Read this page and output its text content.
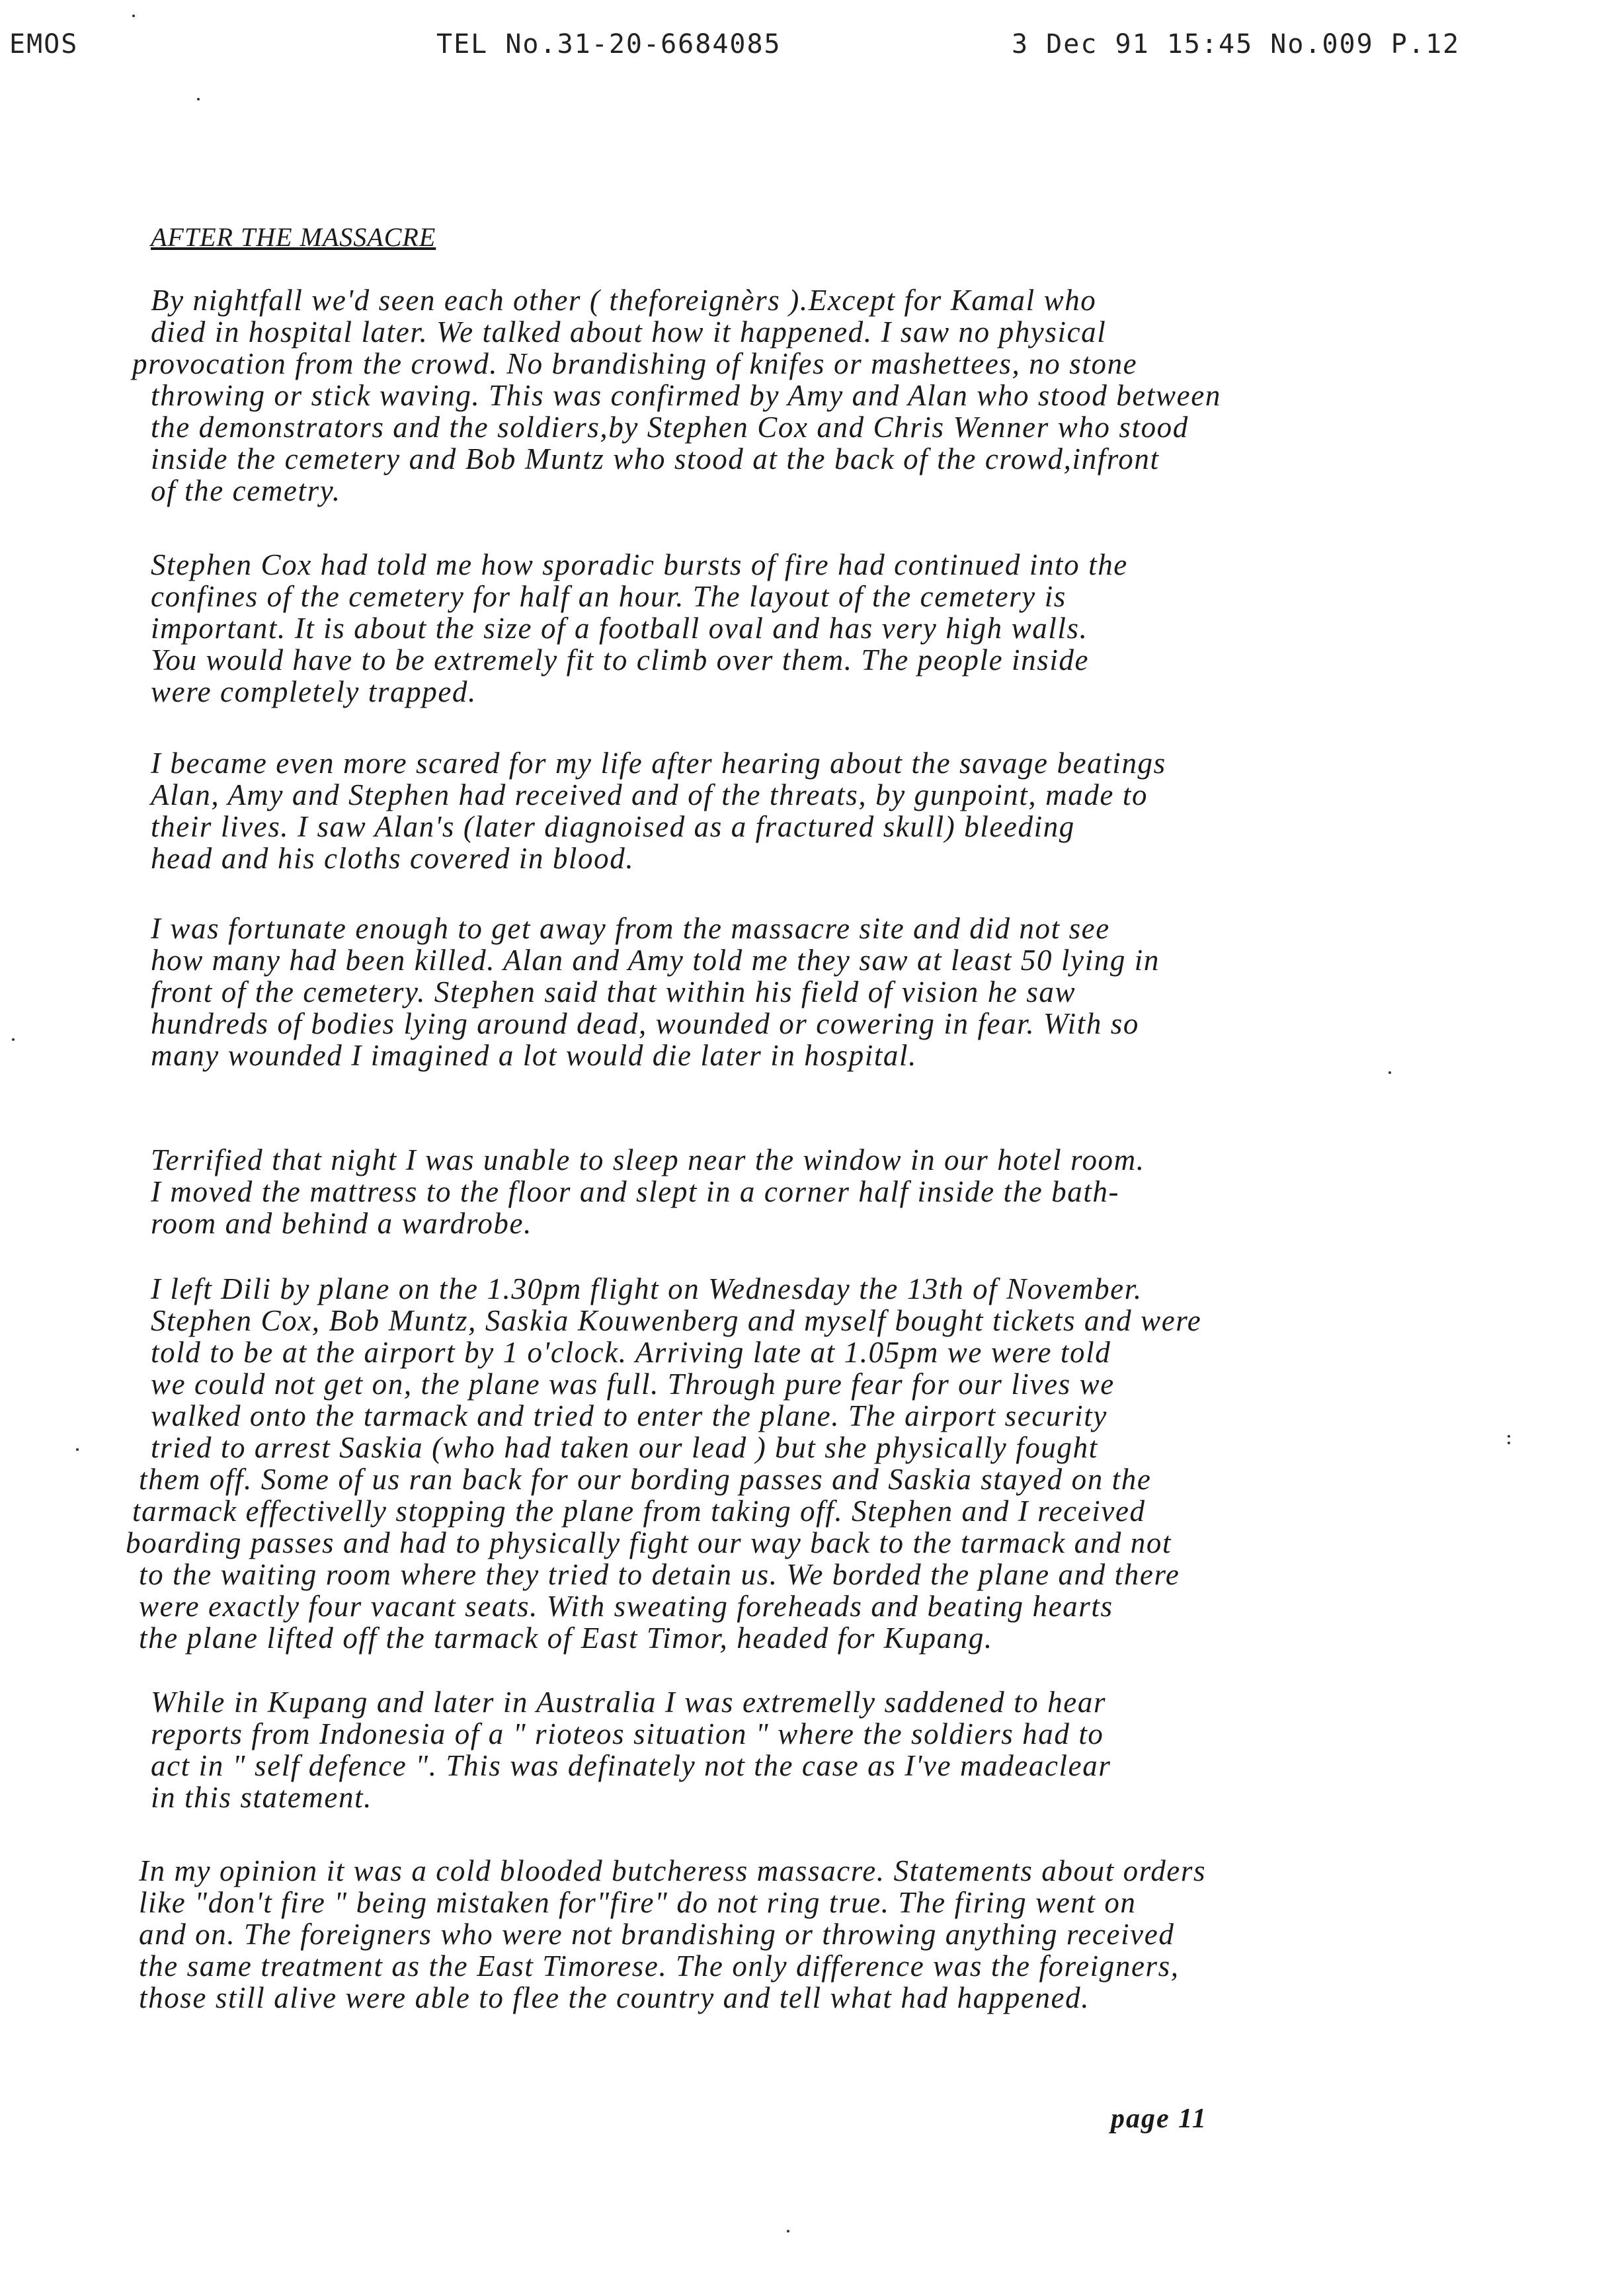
EMOS	TEL No.31-20-6684085	3 Dec 91 15:45 No.009 P.12
AFTER THE MASSACRE
By nightfall we'd seen each other ( theforeignèrs ).Except for Kamal who
died in hospital later. We talked about how it happened. I saw no physical
provocation from the crowd. No brandishing of knifes or mashettees, no stone
throwing or stick waving. This was confirmed by Amy and Alan who stood between
the demonstrators and the soldiers,by Stephen Cox and Chris Wenner who stood
inside the cemetery and Bob Muntz who stood at the back of the crowd,infront
of the cemetry.
Stephen Cox had told me how sporadic bursts of fire had continued into the
confines of the cemetery for half an hour. The layout of the cemetery is
important. It is about the size of a football oval and has very high walls.
You would have to be extremely fit to climb over them. The people inside
were completely trapped.
I became even more scared for my life after hearing about the savage beatings
Alan, Amy and Stephen had received and of the threats, by gunpoint, made to
their lives. I saw Alan's (later diagnoised as a fractured skull) bleeding
head and his cloths covered in blood.
I was fortunate enough to get away from the massacre site and did not see
how many had been killed. Alan and Amy told me they saw at least 50 lying in
front of the cemetery. Stephen said that within his field of vision he saw
hundreds of bodies lying around dead, wounded or cowering in fear. With so
many wounded I imagined a lot would die later in hospital.
Terrified that night I was unable to sleep near the window in our hotel room.
I moved the mattress to the floor and slept in a corner half inside the bath-
room and behind a wardrobe.
I left Dili by plane on the 1.30pm flight on Wednesday the 13th of November.
Stephen Cox, Bob Muntz, Saskia Kouwenberg and myself bought tickets and were
told to be at the airport by 1 o'clock. Arriving late at 1.05pm we were told
we could not get on, the plane was full. Through pure fear for our lives we
walked onto the tarmack and tried to enter the plane. The airport security
tried to arrest Saskia (who had taken our lead ) but she physically fought
them off. Some of us ran back for our bording passes and Saskia stayed on the
tarmack effectivelly stopping the plane from taking off. Stephen and I received
boarding passes and had to physically fight our way back to the tarmack and not
to the waiting room where they tried to detain us. We borded the plane and there
were exactly four vacant seats. With sweating foreheads and beating hearts
the plane lifted off the tarmack of East Timor, headed for Kupang.
While in Kupang and later in Australia I was extremelly saddened to hear
reports from Indonesia of a " rioteos situation " where the soldiers had to
act in " self defence ". This was definately not the case as I've madeaclear
in this statement.
In my opinion it was a cold blooded butcheress massacre. Statements about orders
like "don't fire " being mistaken for"fire" do not ring true. The firing went on
and on. The foreigners who were not brandishing or throwing anything received
the same treatment as the East Timorese. The only difference was the foreigners,
those still alive were able to flee the country and tell what had happened.
page 11
